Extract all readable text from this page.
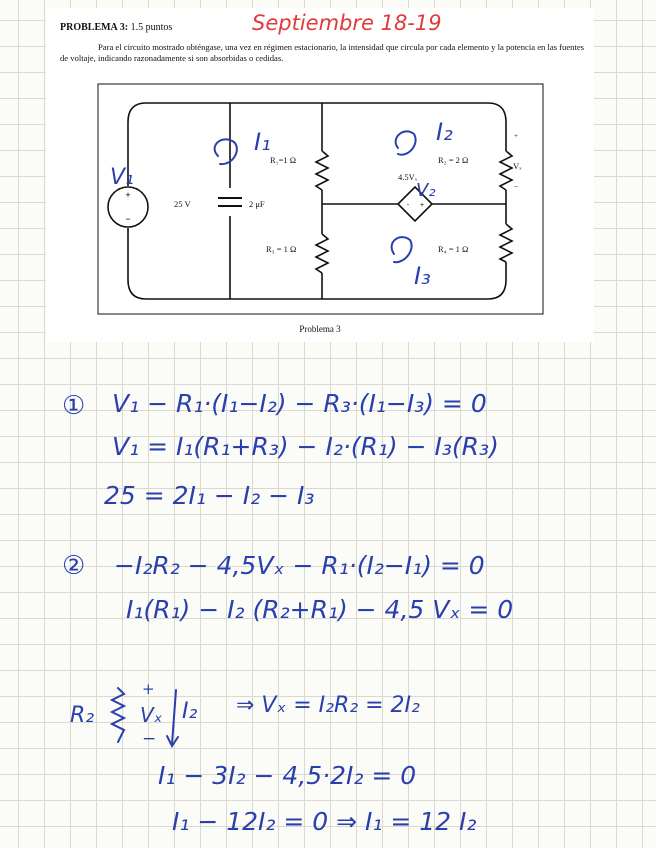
PROBLEMA 3: 1.5 puntos
Para el circuito mostrado obténgase, una vez en régimen estacionario, la intensidad que circula por cada elemento y la potencia en las fuentes de voltaje, indicando razonadamente si son absorbidas o cedidas.
+
−
- +
25 V	2 μF
R₁=1 Ω	R₂ = 2 Ω
R₃ = 1 Ω	R₄ = 1 Ω
4.5Vₓ
Vₓ
+
−
Problema 3
Septiembre 18-19
V₁
I₁	I₂
V₂
I₃
① V₁ − R₁·(I₁−I₂) − R₃·(I₁−I₃) = 0
V₁ = I₁(R₁+R₃) − I₂·(R₁) − I₃(R₃)
25 = 2I₁ − I₂ − I₃
② −I₂R₂ − 4,5Vₓ − R₁·(I₂−I₁) = 0
I₁(R₁) − I₂ (R₂+R₁) − 4,5 Vₓ = 0
R₂
+
Vₓ
−
I₂ ⇒ Vₓ = I₂R₂ = 2I₂
I₁ − 3I₂ − 4,5·2I₂ = 0
I₁ − 12I₂ = 0 ⇒ I₁ = 12 I₂
